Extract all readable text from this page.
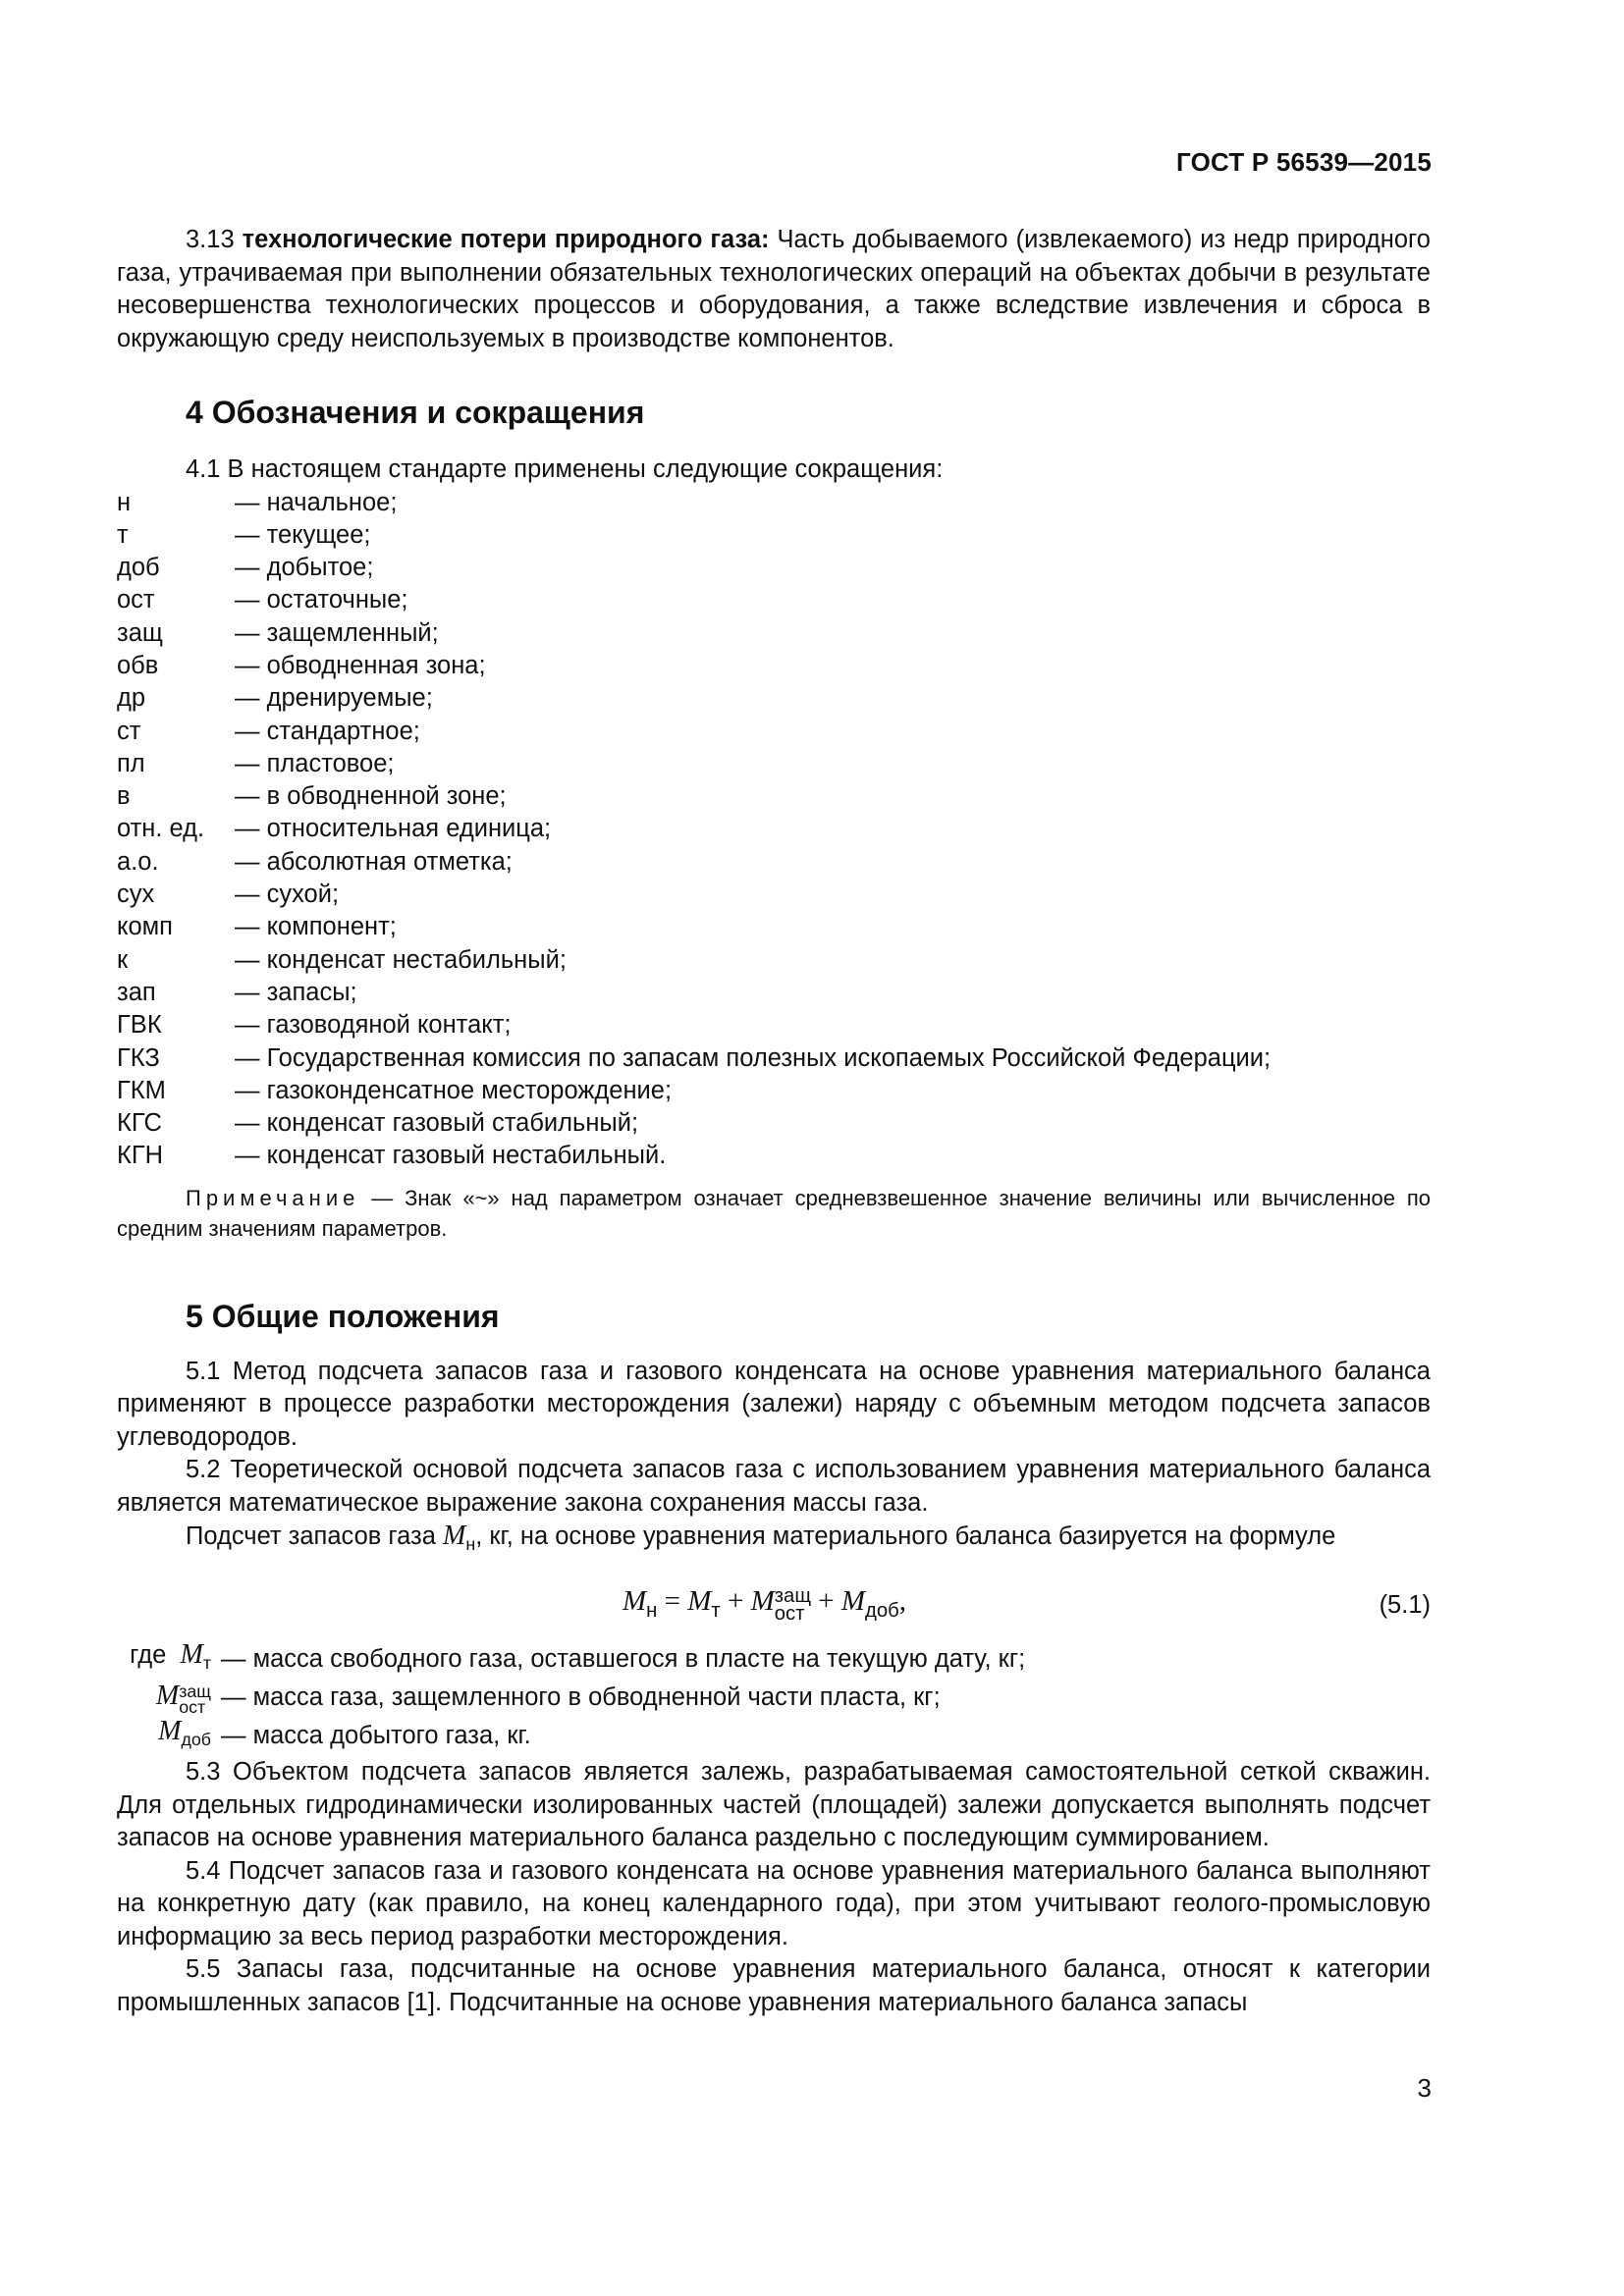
ГОСТ Р 56539—2015

3.13 технологические потери природного газа: Часть добываемого (извлекаемого) из недр природного газа, утрачиваемая при выполнении обязательных технологических операций на объектах добычи в результате несовершенства технологических процессов и оборудования, а также вследствие извлечения и сброса в окружающую среду неиспользуемых в производстве компонентов.

4 Обозначения и сокращения

4.1 В настоящем стандарте применены следующие сокращения:

н	— начальное;
т	— текущее;
доб	— добытое;
ост	— остаточные;
защ	— защемленный;
обв	— обводненная зона;
др	— дренируемые;
ст	— стандартное;
пл	— пластовое;
в	— в обводненной зоне;
отн. ед.	— относительная единица;
а.о.	— абсолютная отметка;
сух	— сухой;
комп	— компонент;
к	— конденсат нестабильный;
зап	— запасы;
ГВК	— газоводяной контакт;
ГКЗ	— Государственная комиссия по запасам полезных ископаемых Российской Федерации;
ГКМ	— газоконденсатное месторождение;
КГС	— конденсат газовый стабильный;
КГН	— конденсат газовый нестабильный.

Примечание — Знак «~» над параметром означает средневзвешенное значение величины или вычисленное по средним значениям параметров.

5 Общие положения

5.1 Метод подсчета запасов газа и газового конденсата на основе уравнения материального баланса применяют в процессе разработки месторождения (залежи) наряду с объемным методом подсчета запасов углеводородов.

5.2 Теоретической основой подсчета запасов газа с использованием уравнения материального баланса является математическое выражение закона сохранения массы газа.

Подсчет запасов газа $М_н$, кг, на основе уравнения материального баланса базируется на формуле

$М_н = М_т + М$ защ
ост + $М_{доб}$,	(5.1)
где $М_т$	— масса свободного газа, оставшегося в пласте на текущую дату, кг;
М защ
ост	— масса газа, защемленного в обводненной части пласта, кг;
$М_{доб}$	— масса добытого газа, кг.

5.3 Объектом подсчета запасов является залежь, разрабатываемая самостоятельной сеткой скважин. Для отдельных гидродинамически изолированных частей (площадей) залежи допускается выполнять подсчет запасов на основе уравнения материального баланса раздельно с последующим суммированием.

5.4 Подсчет запасов газа и газового конденсата на основе уравнения материального баланса выполняют на конкретную дату (как правило, на конец календарного года), при этом учитывают геолого-промысловую информацию за весь период разработки месторождения.

5.5 Запасы газа, подсчитанные на основе уравнения материального баланса, относят к категории промышленных запасов [1]. Подсчитанные на основе уравнения материального баланса запасы

3
